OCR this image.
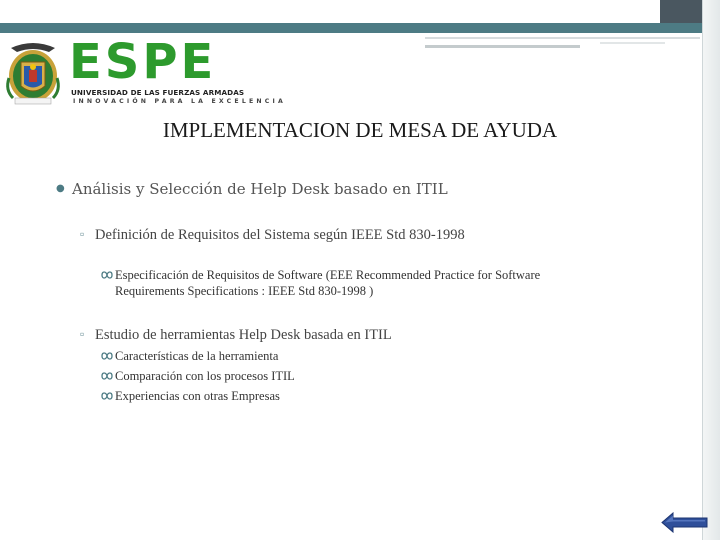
ESPE
UNIVERSIDAD DE LAS FUERZAS ARMADAS
INNOVACIÓN PARA LA EXCELENCIA
IMPLEMENTACION DE MESA DE AYUDA
● Análisis y Selección de Help Desk basado en ITIL
▫ Definición de Requisitos del Sistema según IEEE Std 830-1998
Especificación de Requisitos de Software (EEE Recommended Practice for Software
Requirements Specifications : IEEE Std 830-1998 )
▫ Estudio de herramientas Help Desk basada en ITIL
Características de la herramienta
Comparación con los procesos ITIL
Experiencias con otras Empresas
